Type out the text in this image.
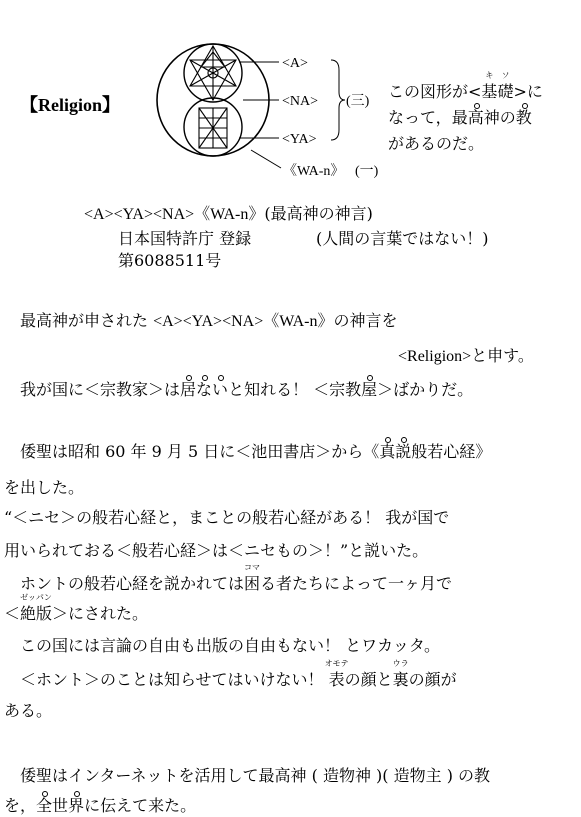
【Religion】
<A>
<NA>
<YA>
(三)
《WA-n》 (一)
この図形が<基
キ
礎
ソ
>に
なって，最高神の教
があるのだ。
<A><YA><NA>《WA-n》(最高神の神言)
日本国特許庁 登録	(人間の言葉ではない！)
第6088511号
最高神が申された <A><YA><NA>《WA-n》の神言を
<Religion>と申す。
我が国に＜宗教家＞は居ないと知れる！ ＜宗教屋＞ばかりだ。
倭聖は昭和 60 年 9 月 5 日に＜池田書店＞から《真説般若心経》
を出した。
“＜ニセ＞の般若心経と，まことの般若心経がある！ 我が国で
用いられておる＜般若心経＞は＜ニセもの＞！”と説いた。
ホントの般若心経を説かれては困
コマ
る者たちによって一ヶ月で
＜絶版
ゼッパン
＞にされた。
この国には言論の自由も出版の自由もない！ とワカッタ。
＜ホント＞のことは知らせてはいけない！ 表
オモテ
の顔と裏
ウラ
の顔が
ある。
倭聖はインターネットを活用して最高神 ( 造物神 )( 造物主 ) の教
を，全世界に伝えて来た。
